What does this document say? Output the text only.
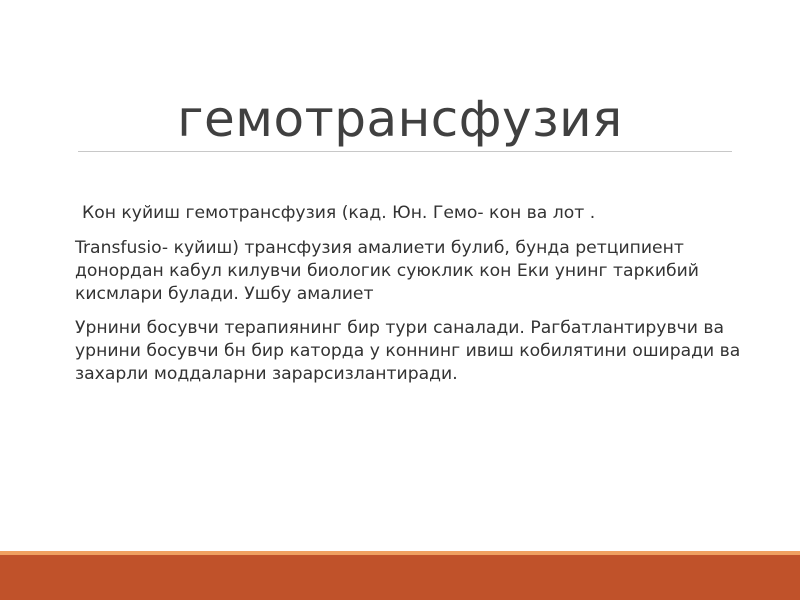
гемотрансфузия

Кон куйиш гемотрансфузия (кад. Юн. Гемо- кон ва лот .

Transfusio- куйиш) трансфузия амалиети булиб, бунда ретципиент донордан кабул килувчи биологик суюклик кон Еки унинг таркибий кисмлари булади. Ушбу амалиет

Урнини босувчи терапиянинг бир тури саналади. Рагбатлантирувчи ва урнини босувчи бн бир каторда у коннинг ивиш кобилятини оширади ва захарли моддаларни зарарсизлантиради.
